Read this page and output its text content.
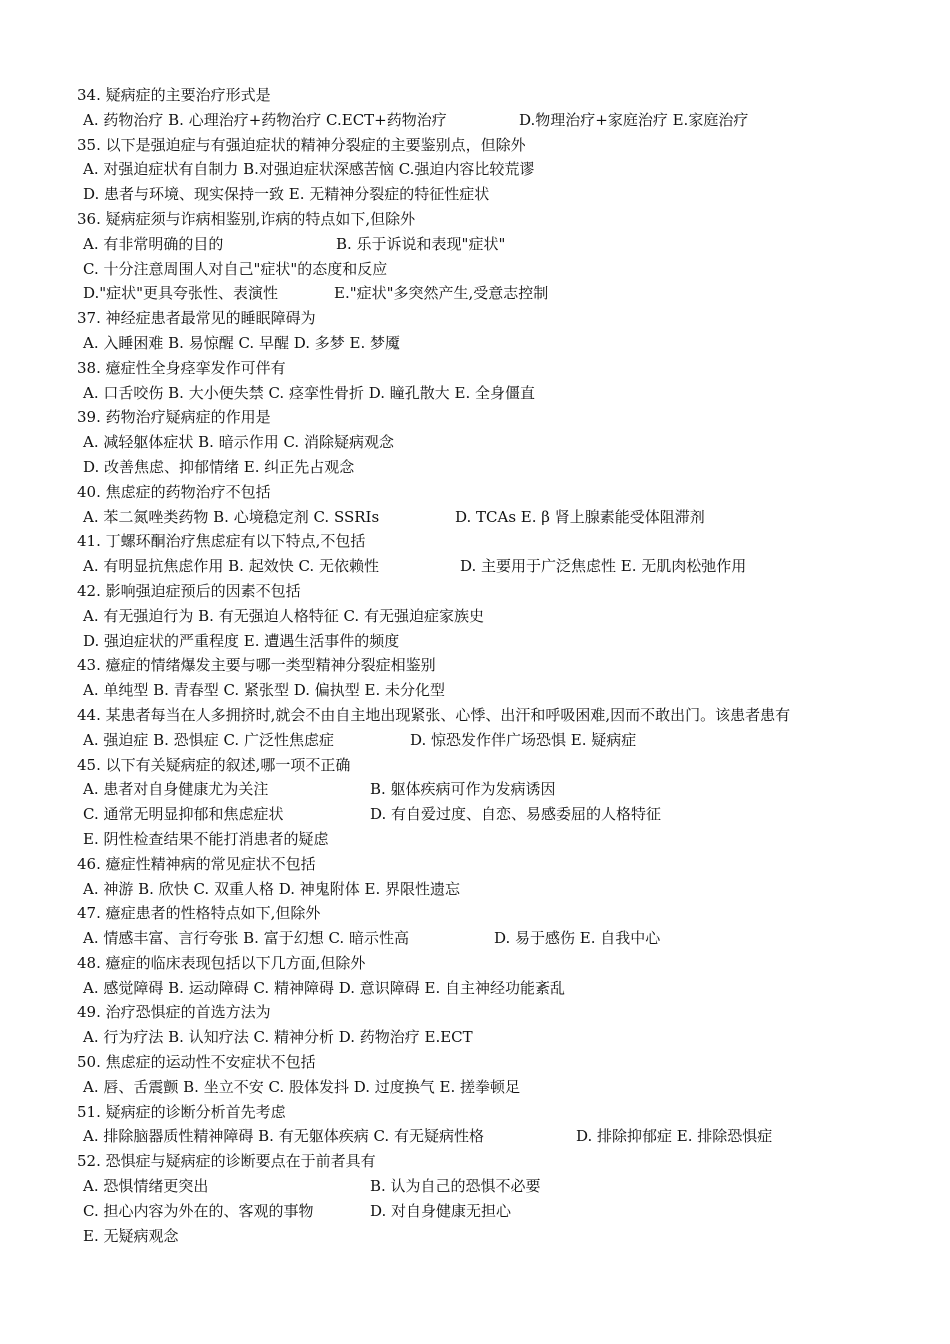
34. 疑病症的主要治疗形式是
A. 药物治疗 B. 心理治疗+药物治疗 C.ECT+药物治疗	D.物理治疗+家庭治疗 E.家庭治疗
35. 以下是强迫症与有强迫症状的精神分裂症的主要鉴别点，但除外
A. 对强迫症状有自制力 B.对强迫症状深感苦恼 C.强迫内容比较荒谬
D. 患者与环境、现实保持一致 E. 无精神分裂症的特征性症状
36. 疑病症须与诈病相鉴别,诈病的特点如下,但除外
A. 有非常明确的目的	B. 乐于诉说和表现"症状"
C. 十分注意周围人对自己"症状"的态度和反应
D."症状"更具夸张性、表演性	E."症状"多突然产生,受意志控制
37. 神经症患者最常见的睡眠障碍为
A. 入睡困难 B. 易惊醒 C. 早醒 D. 多梦 E. 梦魇
38. 癔症性全身痉挛发作可伴有
A. 口舌咬伤 B. 大小便失禁 C. 痉挛性骨折 D. 瞳孔散大 E. 全身僵直
39. 药物治疗疑病症的作用是
A. 减轻躯体症状 B. 暗示作用 C. 消除疑病观念
D. 改善焦虑、抑郁情绪 E. 纠正先占观念
40. 焦虑症的药物治疗不包括
A. 苯二氮唑类药物 B. 心境稳定剂 C. SSRIs	D. TCAs E. β 肾上腺素能受体阻滞剂
41. 丁螺环酮治疗焦虑症有以下特点,不包括
A. 有明显抗焦虑作用 B. 起效快 C. 无依赖性	D. 主要用于广泛焦虑性 E. 无肌肉松弛作用
42. 影响强迫症预后的因素不包括
A. 有无强迫行为 B. 有无强迫人格特征 C. 有无强迫症家族史
D. 强迫症状的严重程度 E. 遭遇生活事件的频度
43. 癔症的情绪爆发主要与哪一类型精神分裂症相鉴别
A. 单纯型 B. 青春型 C. 紧张型 D. 偏执型 E. 未分化型
44. 某患者每当在人多拥挤时,就会不由自主地出现紧张、心悸、出汗和呼吸困难,因而不敢出门。该患者患有
A. 强迫症 B. 恐惧症 C. 广泛性焦虑症	D. 惊恐发作伴广场恐惧 E. 疑病症
45. 以下有关疑病症的叙述,哪一项不正确
A. 患者对自身健康尤为关注	B. 躯体疾病可作为发病诱因
C. 通常无明显抑郁和焦虑症状	D. 有自爱过度、自恋、易感委屈的人格特征
E. 阴性检查结果不能打消患者的疑虑
46. 癔症性精神病的常见症状不包括
A. 神游 B. 欣快 C. 双重人格 D. 神鬼附体 E. 界限性遗忘
47. 癔症患者的性格特点如下,但除外
A. 情感丰富、言行夸张 B. 富于幻想 C. 暗示性高	D. 易于感伤 E. 自我中心
48. 癔症的临床表现包括以下几方面,但除外
A. 感觉障碍 B. 运动障碍 C. 精神障碍 D. 意识障碍 E. 自主神经功能紊乱
49. 治疗恐惧症的首选方法为
A. 行为疗法 B. 认知疗法 C. 精神分析 D. 药物治疗 E.ECT
50. 焦虑症的运动性不安症状不包括
A. 唇、舌震颤 B. 坐立不安 C. 股体发抖 D. 过度换气 E. 搓拳顿足
51. 疑病症的诊断分析首先考虑
A. 排除脑器质性精神障碍 B. 有无躯体疾病 C. 有无疑病性格	D. 排除抑郁症 E. 排除恐惧症
52. 恐惧症与疑病症的诊断要点在于前者具有
A. 恐惧情绪更突出	B. 认为自己的恐惧不必要
C. 担心内容为外在的、客观的事物	D. 对自身健康无担心
E. 无疑病观念
